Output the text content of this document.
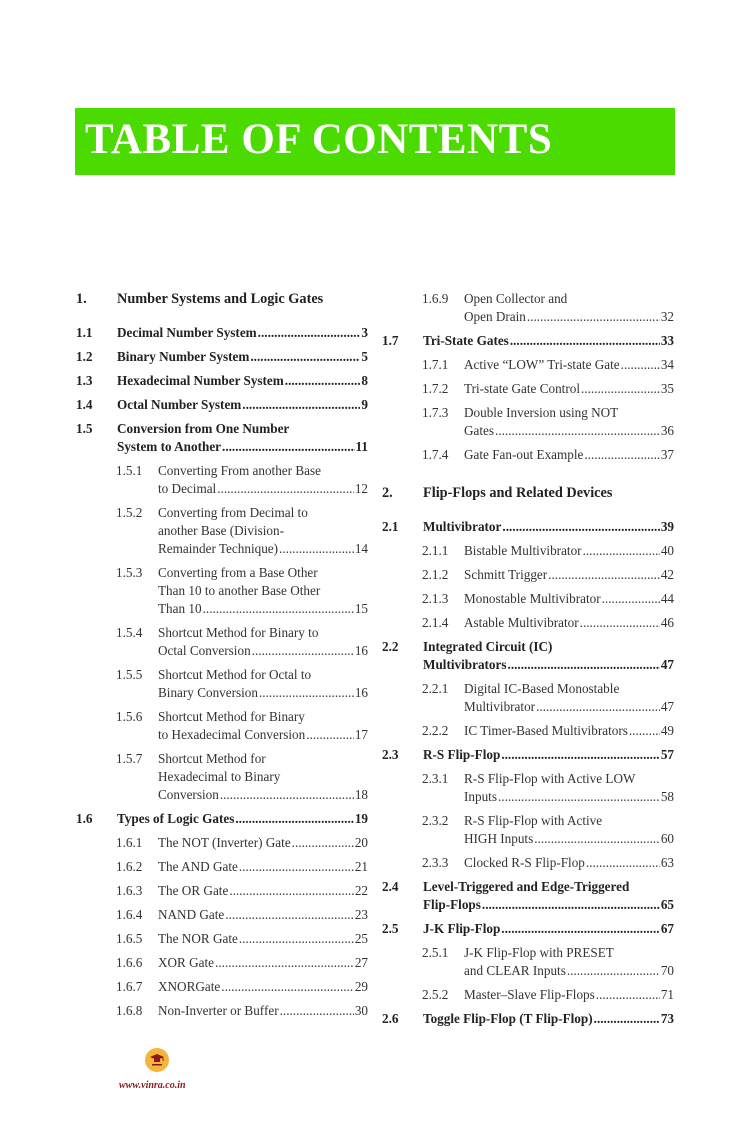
TABLE OF CONTENTS
1. Number Systems and Logic Gates
1.1 Decimal Number System .....	3
1.2 Binary Number System .....	5
1.3 Hexadecimal Number System .....	8
1.4 Octal Number System .....	9
1.5 Conversion from One Number
System to Another .....	11
1.5.1 Converting From another Base
to Decimal .....	12
1.5.2 Converting from Decimal to
another Base (Division-
Remainder Technique) .....	14
1.5.3 Converting from a Base Other
Than 10 to another Base Other
Than 10 .....	15
1.5.4 Shortcut Method for Binary to
Octal Conversion .....	16
1.5.5 Shortcut Method for Octal to
Binary Conversion .....	16
1.5.6 Shortcut Method for Binary
to Hexadecimal Conversion .....	17
1.5.7 Shortcut Method for
Hexadecimal to Binary
Conversion .....	18
1.6 Types of Logic Gates .....	19
1.6.1 The NOT (Inverter) Gate .....	20
1.6.2 The AND Gate .....	21
1.6.3 The OR Gate .....	22
1.6.4 NAND Gate .....	23
1.6.5 The NOR Gate .....	25
1.6.6 XOR Gate .....	27
1.6.7 XNORGate .....	29
1.6.8 Non-Inverter or Buffer .....	30
1.6.9 Open Collector and
Open Drain .....	32
1.7 Tri-State Gates .....	33
1.7.1 Active “LOW” Tri-state Gate .....	34
1.7.2 Tri-state Gate Control .....	35
1.7.3 Double Inversion using NOT
Gates .....	36
1.7.4 Gate Fan-out Example .....	37
2. Flip-Flops and Related Devices
2.1 Multivibrator .....	39
2.1.1 Bistable Multivibrator .....	40
2.1.2 Schmitt Trigger .....	42
2.1.3 Monostable Multivibrator .....	44
2.1.4 Astable Multivibrator .....	46
2.2 Integrated Circuit (IC)
Multivibrators .....	47
2.2.1 Digital IC-Based Monostable
Multivibrator .....	47
2.2.2 IC Timer-Based Multivibrators ..... 49
2.3 R-S Flip-Flop .....	57
2.3.1 R-S Flip-Flop with Active LOW
Inputs .....	58
2.3.2 R-S Flip-Flop with Active
HIGH Inputs .....	60
2.3.3 Clocked R-S Flip-Flop .....	63
2.4 Level-Triggered and Edge-Triggered
Flip-Flops .....	65
2.5 J-K Flip-Flop .....	67
2.5.1 J-K Flip-Flop with PRESET
and CLEAR Inputs .....	70
2.5.2 Master–Slave Flip-Flops .....	71
2.6 Toggle Flip-Flop (T Flip-Flop) .....	73
www.vinra.co.in
